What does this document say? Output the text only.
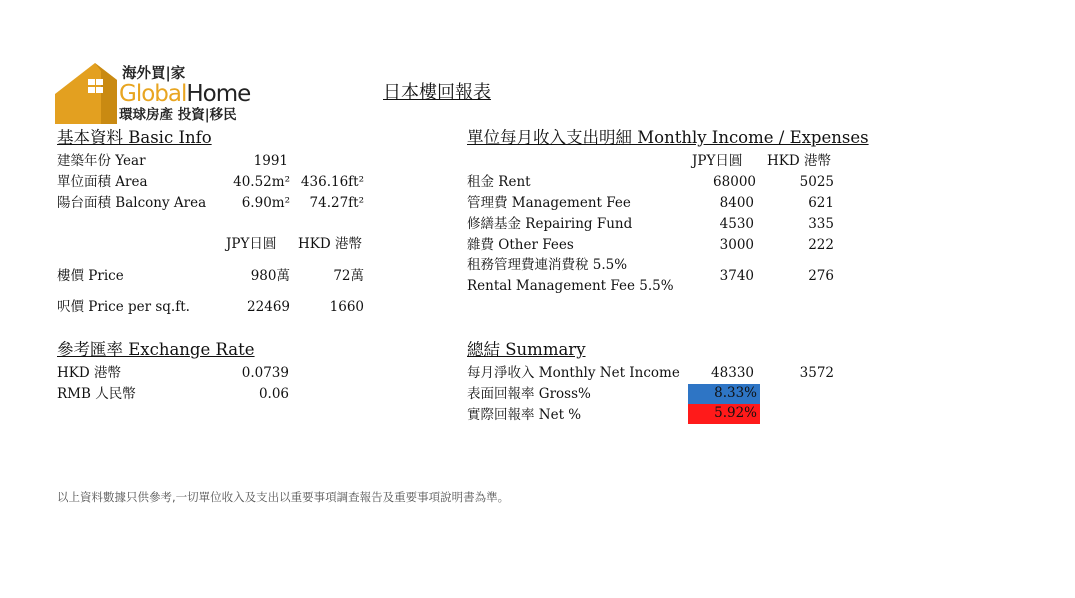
海外買|家
GlobalHome
環球房產 投資|移民
日本樓回報表
基本資料 Basic Info
建築年份 Year	1991
單位面積 Area	40.52m² 436.16ft²
陽台面積 Balcony Area	6.90m²	74.27ft²
JPY日圓 HKD 港幣
樓價 Price	980萬	72萬
呎價 Price per sq.ft.	22469	1660
參考匯率 Exchange Rate
HKD 港幣	0.0739
RMB 人民幣	0.06
單位每月收入支出明細 Monthly Income / Expenses
JPY日圓 HKD 港幣
租金 Rent	68000	5025
管理費 Management Fee	8400	621
修繕基金 Repairing Fund	4530	335
雜費 Other Fees	3000	222
租務管理費連消費稅 5.5%
Rental Management Fee 5.5%
3740	276
總結 Summary
每月淨收入 Monthly Net Income	48330	3572
表面回報率 Gross%	8.33%
實際回報率 Net %	5.92%
以上資料數據只供參考,一切單位收入及支出以重要事項調查報告及重要事項說明書為準。
